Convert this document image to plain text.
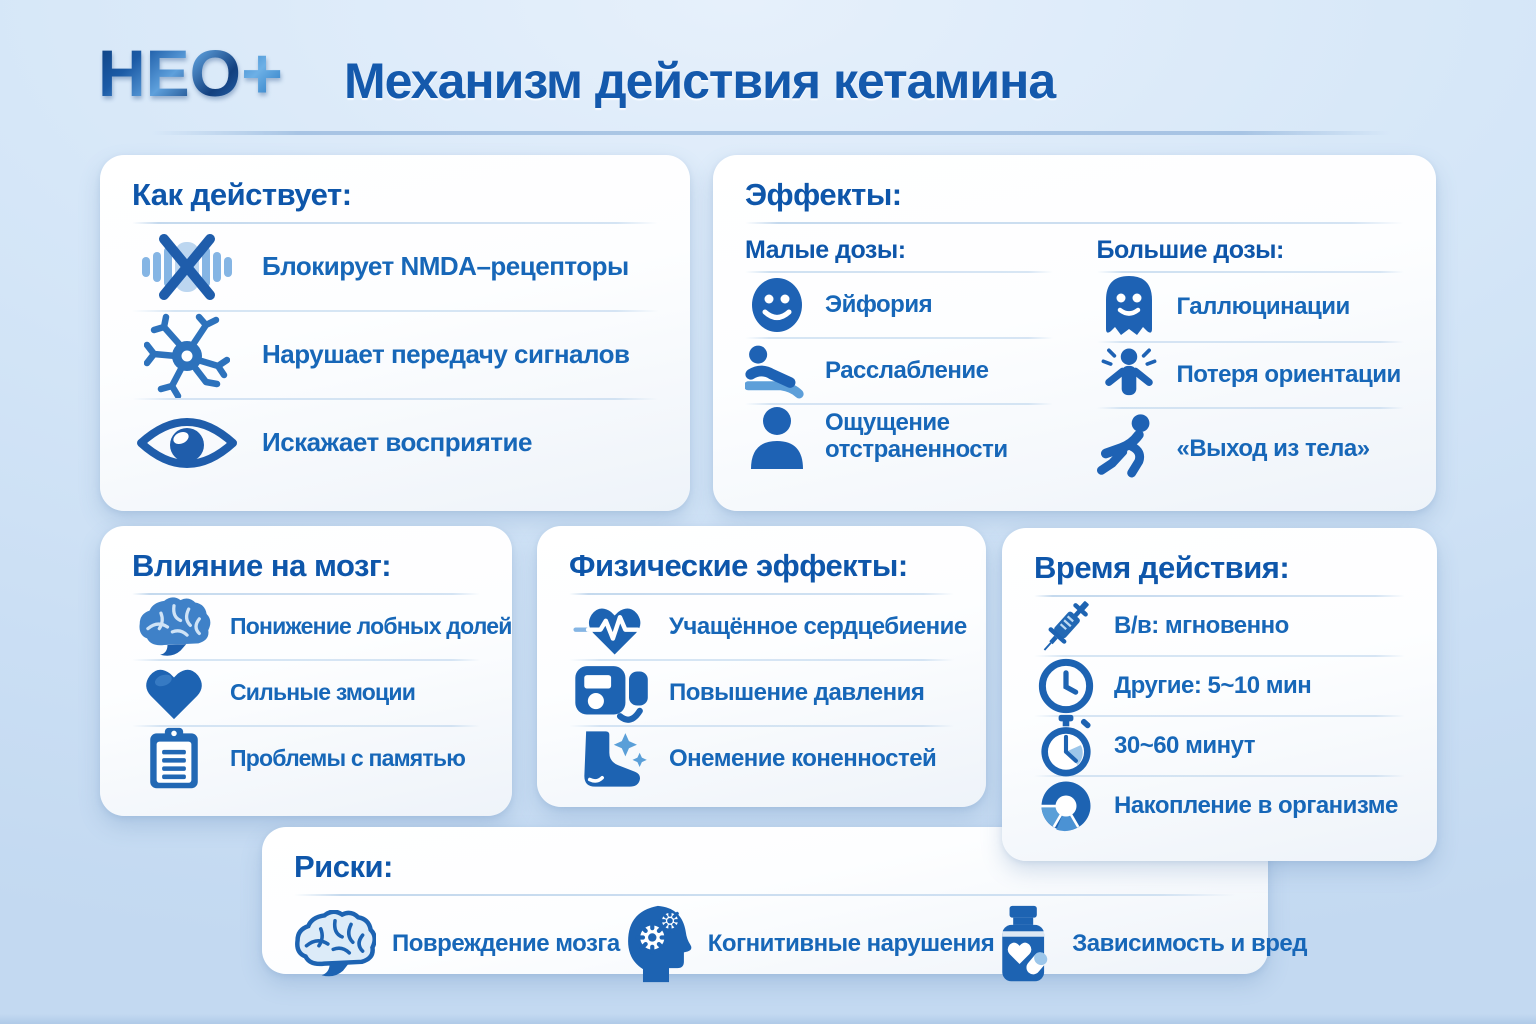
НЕО+ Механизм действия кетамина
Как действует:
Блокирует NMDA–рецепторы
Нарушает передачу сигналов
Искажает восприятие
Эффекты:
Малые дозы:
Эйфория
Расслабление
Ощущение отстраненности
Большие дозы:
Галлюцинации
Потеря ориентации
«Выход из тела»
Влияние на мозг:
Понижение лобных долей
Сильные змоции
Проблемы с памятью
Физические эффекты:
Учащённое сердцебиение
Повышение давления
Онемение коненностей
Время действия:
В/в: мгновенно
Другие: 5~10 мин
30~60 минут
Накопление в организме
Риски:
Повреждение мозга	Когнитивные нарушения	Зависимость и вред
